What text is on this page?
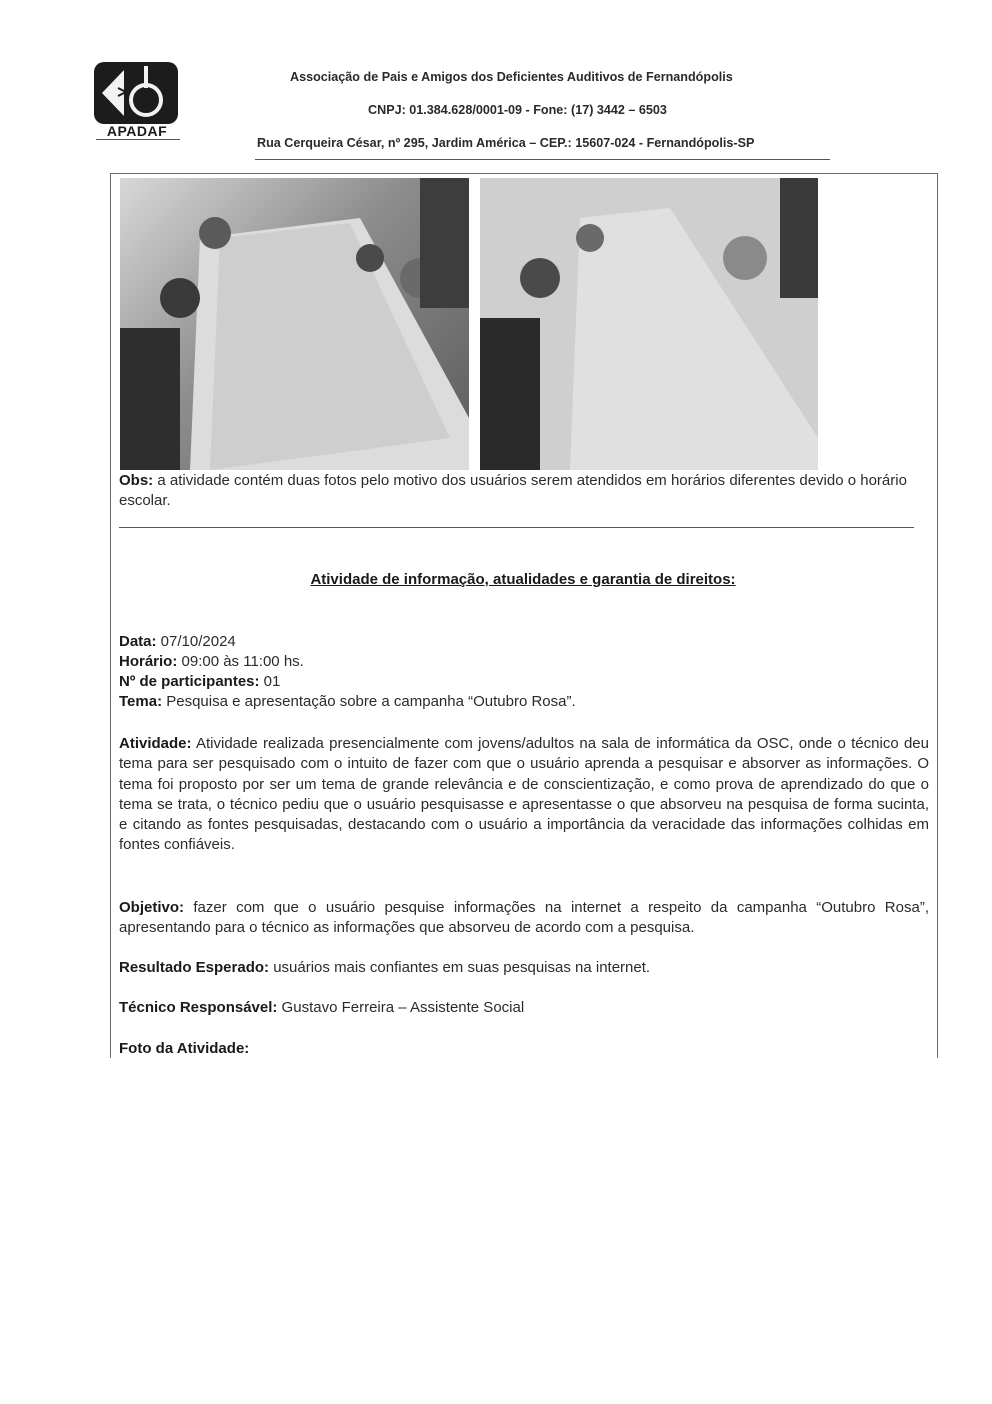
APADAF
Associação de Pais e Amigos dos Deficientes Auditivos de Fernandópolis
CNPJ: 01.384.628/0001-09 - Fone: (17) 3442 – 6503
Rua Cerqueira César, nº 295, Jardim América – CEP.: 15607-024 - Fernandópolis-SP
Obs: a atividade contém duas fotos pelo motivo dos usuários serem atendidos em horários diferentes devido o horário escolar.
Atividade de informação, atualidades e garantia de direitos:
Data: 07/10/2024
Horário: 09:00 às 11:00 hs.
Nº de participantes: 01
Tema: Pesquisa e apresentação sobre a campanha “Outubro Rosa”.
Atividade: Atividade realizada presencialmente com jovens/adultos na sala de informática da OSC, onde o técnico deu tema para ser pesquisado com o intuito de fazer com que o usuário aprenda a pesquisar e absorver as informações. O tema foi proposto por ser um tema de grande relevância e de conscientização, e como prova de aprendizado do que o tema se trata, o técnico pediu que o usuário pesquisasse e apresentasse o que absorveu na pesquisa de forma sucinta, e citando as fontes pesquisadas, destacando com o usuário a importância da veracidade das informações colhidas em fontes confiáveis.
Objetivo: fazer com que o usuário pesquise informações na internet a respeito da campanha “Outubro Rosa”, apresentando para o técnico as informações que absorveu de acordo com a pesquisa.
Resultado Esperado: usuários mais confiantes em suas pesquisas na internet.
Técnico Responsável: Gustavo Ferreira – Assistente Social
Foto da Atividade:
